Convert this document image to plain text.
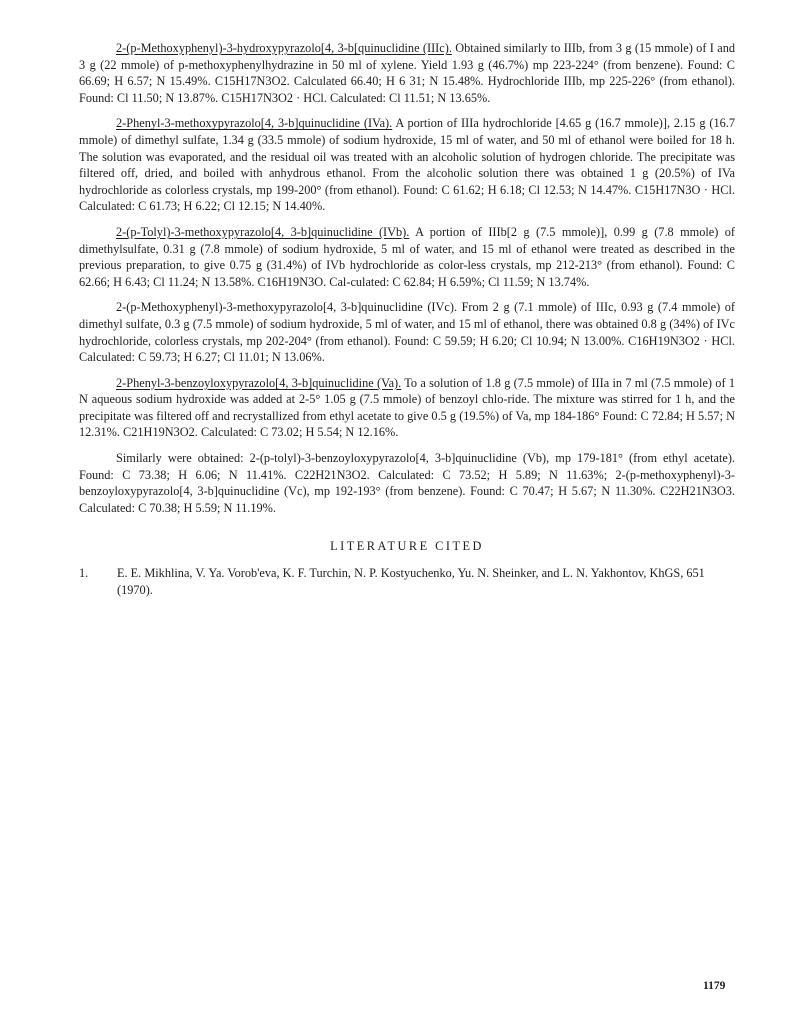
2-(p-Methoxyphenyl)-3-hydroxypyrazolo[4, 3-b[quinuclidine (IIIc). Obtained similarly to IIIb, from 3 g (15 mmole) of I and 3 g (22 mmole) of p-methoxyphenylhydrazine in 50 ml of xylene. Yield 1.93 g (46.7%) mp 223-224° (from benzene). Found: C 66.69; H 6.57; N 15.49%. C15H17N3O2. Calculated 66.40; H 6 31; N 15.48%. Hydrochloride IIIb, mp 225-226° (from ethanol). Found: Cl 11.50; N 13.87%. C15H17N3O2 · HCl. Calculated: Cl 11.51; N 13.65%.

2-Phenyl-3-methoxypyrazolo[4, 3-b]quinuclidine (IVa). A portion of IIIa hydrochloride [4.65 g (16.7 mmole)], 2.15 g (16.7 mmole) of dimethyl sulfate, 1.34 g (33.5 mmole) of sodium hydroxide, 15 ml of water, and 50 ml of ethanol were boiled for 18 h. The solution was evaporated, and the residual oil was treated with an alcoholic solution of hydrogen chloride. The precipitate was filtered off, dried, and boiled with anhydrous ethanol. From the alcoholic solution there was obtained 1 g (20.5%) of IVa hydrochloride as colorless crystals, mp 199-200° (from ethanol). Found: C 61.62; H 6.18; Cl 12.53; N 14.47%. C15H17N3O · HCl. Calculated: C 61.73; H 6.22; Cl 12.15; N 14.40%.

2-(p-Tolyl)-3-methoxypyrazolo[4, 3-b]quinuclidine (IVb). A portion of IIIb[2 g (7.5 mmole)], 0.99 g (7.8 mmole) of dimethylsulfate, 0.31 g (7.8 mmole) of sodium hydroxide, 5 ml of water, and 15 ml of ethanol were treated as described in the previous preparation, to give 0.75 g (31.4%) of IVb hydrochloride as color-less crystals, mp 212-213° (from ethanol). Found: C 62.66; H 6.43; Cl 11.24; N 13.58%. C16H19N3O. Cal-culated: C 62.84; H 6.59%; Cl 11.59; N 13.74%.

2-(p-Methoxyphenyl)-3-methoxypyrazolo[4, 3-b]quinuclidine (IVc). From 2 g (7.1 mmole) of IIIc, 0.93 g (7.4 mmole) of dimethyl sulfate, 0.3 g (7.5 mmole) of sodium hydroxide, 5 ml of water, and 15 ml of ethanol, there was obtained 0.8 g (34%) of IVc hydrochloride, colorless crystals, mp 202-204° (from ethanol). Found: C 59.59; H 6.20; Cl 10.94; N 13.00%. C16H19N3O2 · HCl. Calculated: C 59.73; H 6.27; Cl 11.01; N 13.06%.

2-Phenyl-3-benzoyloxypyrazolo[4, 3-b]quinuclidine (Va). To a solution of 1.8 g (7.5 mmole) of IIIa in 7 ml (7.5 mmole) of 1 N aqueous sodium hydroxide was added at 2-5° 1.05 g (7.5 mmole) of benzoyl chlo-ride. The mixture was stirred for 1 h, and the precipitate was filtered off and recrystallized from ethyl acetate to give 0.5 g (19.5%) of Va, mp 184-186° Found: C 72.84; H 5.57; N 12.31%. C21H19N3O2. Calculated: C 73.02; H 5.54; N 12.16%.

Similarly were obtained: 2-(p-tolyl)-3-benzoyloxypyrazolo[4, 3-b]quinuclidine (Vb), mp 179-181° (from ethyl acetate). Found: C 73.38; H 6.06; N 11.41%. C22H21N3O2. Calculated: C 73.52; H 5.89; N 11.63%; 2-(p-methoxyphenyl)-3-benzoyloxypyrazolo[4, 3-b]quinuclidine (Vc), mp 192-193° (from benzene). Found: C 70.47; H 5.67; N 11.30%. C22H21N3O3. Calculated: C 70.38; H 5.59; N 11.19%.

LITERATURE CITED
1.	E. E. Mikhlina, V. Ya. Vorob'eva, K. F. Turchin, N. P. Kostyuchenko, Yu. N. Sheinker, and L. N. Yakhontov, KhGS, 651 (1970).
1179
